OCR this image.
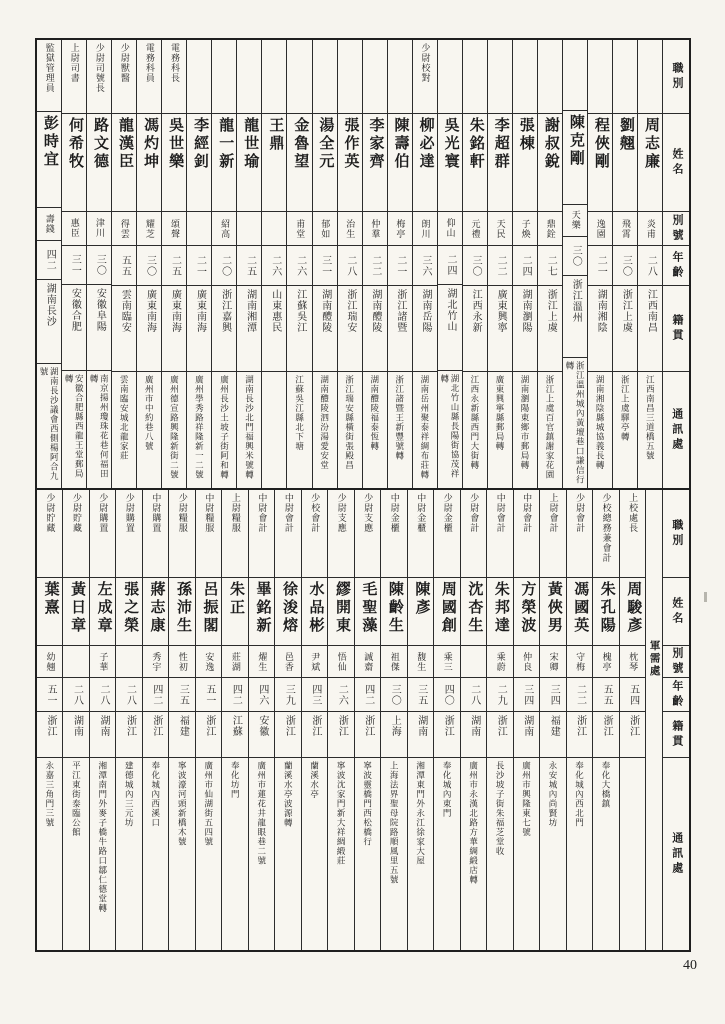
監獄管理員
彭時宜
壽錢
四二
湖南長沙
湖南長沙議會西側楊阿合九號
上尉司書
何希牧
惠臣
三一
安徽合肥
安徽合肥縣西龍王堂郵局轉
少尉司號長
路文德
津川
三〇
安徽阜陽
南京揚州瓊珠花巷何福田轉
少尉獸醫
龍漢臣
得雲
五五
雲南臨安
雲南臨安城北龍家莊
電務科員
馮灼坤
耀芝
三〇
廣東南海
廣州市中約巷八號
電務科長
吳世樂
頌聲
二五
廣東南海
廣州德宣路興隆新街二號
李經釗
二一
廣東南海
廣州學秀路祥隆新一二號
龍一新
紹高
二〇
浙江嘉興
廣州長沙土坡子街阿和轉
龍世瑜
二五
湖南湘潭
湖南長沙北門福興米號轉
王鼎
二六
山東惠民
金魯望
甫堂
二六
江蘇吳江
江蘇吳江縣北下塘
湯全元
郁如
三一
湖南醴陵
湖南醴陵泗汾湯愛安堂
張作英
治生
二八
浙江瑞安
浙江瑞安縣橫街張殿昌
李家齊
仲羣
二二
湖南醴陵
湖南醴陵福泰恆轉
陳壽伯
梅亭
二一
浙江諸暨
浙江諸暨王新豐號轉
少尉校對
柳必達
朗川
三六
湖南岳陽
湖南岳州聚泰祥綢布莊轉
吳光寰
仰山
二四
湖北竹山
湖北竹山縣長陽街協茂祥轉
朱銘軒
元禮
三〇
江西永新
江西永新縣西門大街轉
李超群
天民
二二
廣東興寧
廣東興寧縣郵局轉
張棟
子煥
二四
湖南瀏陽
湖南瀏陽東鄉市郵局轉
謝叔銳
鼎銓
二七
浙江上虞
浙江上虞百官鎮謝家花園
陳克剛
天樂
三〇
浙江溫州
浙江溫州城內黃壇巷口謙信行轉
程俠剛
逸園
二一
湖南湘陰
湖南湘陰縣城協義長轉
劉翹
飛霄
三〇
浙江上虞
浙江上虞驛亭轉
周志廉
炎甫
二八
江西南昌
江西南昌三道橋五號
職別
姓名
別號
年齡
籍貫
通訊處
少尉貯藏
葉熹
幼翹
五一
浙江
永嘉三角門三號
少尉貯藏
黃日章
二八
湖南
平江東街泰臨公館
少尉購置
左成章
子華
二八
湖南
湘潭南門外麥子橋牛路口鄒仁德堂轉
少尉購置
張之榮
二八
浙江
建德城內三元坊
中尉購置
蔣志康
秀宇
四二
浙江
奉化城內西溪口
少尉糧服
孫沛生
性初
三五
福建
寧波濠河頭新橋木號
中尉糧服
呂振閣
安逸
五一
浙江
廣州市仙湖街五四號
上尉糧服
朱正
莊湖
四二
江蘇
奉化坊門
中尉會計
畢銘新
燿生
四六
安徽
廣州市蓮花井龍眼巷二號
中尉會計
徐浚熔
邑香
三九
浙江
蘭溪水亭波源轉
少校會計
水品彬
尹斌
四三
浙江
蘭溪水亭
少尉支應
繆開東
悟仙
二六
浙江
寧波沈家門新大祥綢緞莊
少尉支應
毛聖藻
誠齋
四二
浙江
寧波靈橋門西松橋行
中尉金櫃
陳齡生
祖傑
三〇
上海
上海法界聖母院路順風里五號
中尉金櫃
陳彥
馥生
三五
湖南
湘潭東門外永江徐家大屋
少尉金櫃
周國創
乘三
四〇
浙江
奉化城內東門
少尉會計
沈杏生
二八
湖南
廣州市永漢北路方華綢緞店轉
中尉會計
朱邦達
乘蔚
二九
浙江
長沙坡子街朱福芝堂收
中尉會計
方榮波
仲良
三四
湖南
廣州市興隆東七號
上尉會計
黃俠男
宋卿
三四
福建
永安城內尚賢坊
少尉會計
馮國英
守梅
二二
浙江
奉化城內西北門
少校總務兼會計
朱孔陽
槐亭
五五
浙江
奉化大橋鎮
上校處長
周駿彥
枕琴
五四
浙江
軍需處
職別
姓名
別號
年齡
籍貫
通訊處
40
